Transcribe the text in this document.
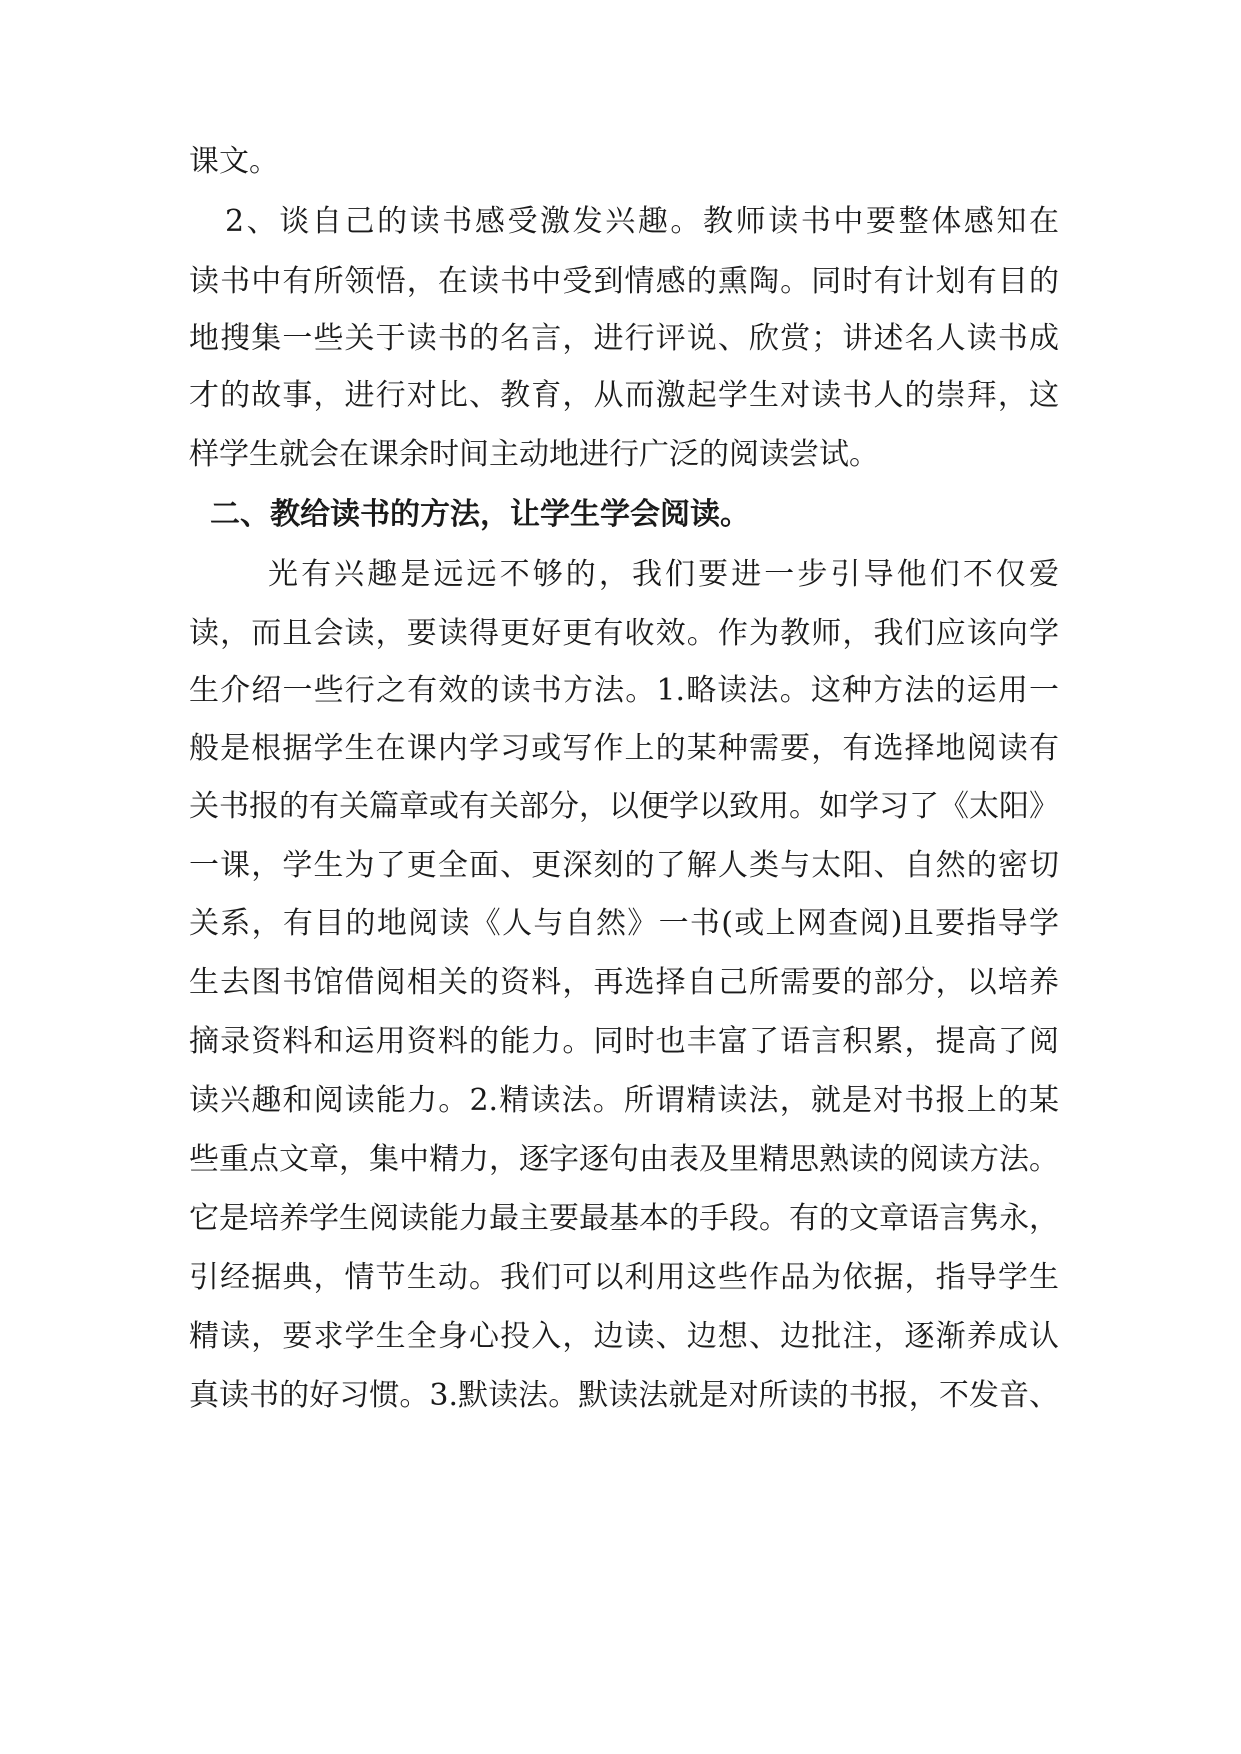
课文。
2、谈自己的读书感受激发兴趣。教师读书中要整体感知在
读书中有所领悟，在读书中受到情感的熏陶。同时有计划有目的
地搜集一些关于读书的名言，进行评说、欣赏；讲述名人读书成
才的故事，进行对比、教育，从而激起学生对读书人的崇拜，这
样学生就会在课余时间主动地进行广泛的阅读尝试。
二、教给读书的方法，让学生学会阅读。
光有兴趣是远远不够的，我们要进一步引导他们不仅爱
读，而且会读，要读得更好更有收效。作为教师，我们应该向学
生介绍一些行之有效的读书方法。1.略读法。这种方法的运用一
般是根据学生在课内学习或写作上的某种需要，有选择地阅读有
关书报的有关篇章或有关部分，以便学以致用。如学习了《太阳》
一课，学生为了更全面、更深刻的了解人类与太阳、自然的密切
关系，有目的地阅读《人与自然》一书(或上网查阅)且要指导学
生去图书馆借阅相关的资料，再选择自己所需要的部分，以培养
摘录资料和运用资料的能力。同时也丰富了语言积累，提高了阅
读兴趣和阅读能力。2.精读法。所谓精读法，就是对书报上的某
些重点文章，集中精力，逐字逐句由表及里精思熟读的阅读方法。
它是培养学生阅读能力最主要最基本的手段。有的文章语言隽永，
引经据典，情节生动。我们可以利用这些作品为依据，指导学生
精读，要求学生全身心投入，边读、边想、边批注，逐渐养成认
真读书的好习惯。3.默读法。默读法就是对所读的书报，不发音、
